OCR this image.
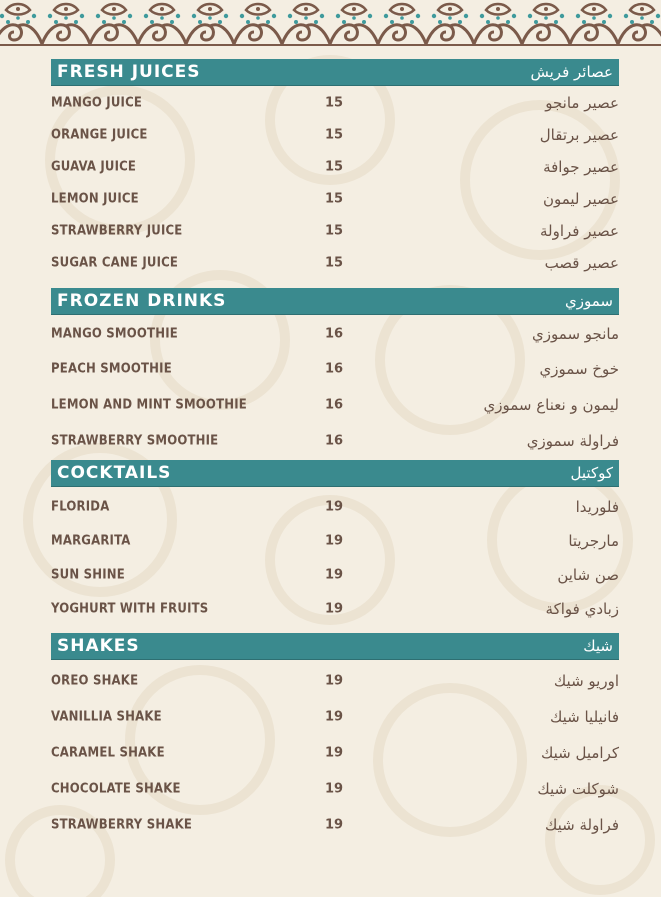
FRESH JUICES	عصائر فريش
MANGO JUICE	15	عصير مانجو
ORANGE JUICE	15	عصير برتقال
GUAVA JUICE	15	عصير جوافة
LEMON JUICE	15	عصير ليمون
STRAWBERRY JUICE	15	عصير فراولة
SUGAR CANE JUICE	15	عصير قصب
FROZEN DRINKS	سموزي
MANGO SMOOTHIE	16	مانجو سموزي
PEACH SMOOTHIE	16	خوخ سموزي
LEMON AND MINT SMOOTHIE	16	ليمون و نعناع سموزي
STRAWBERRY SMOOTHIE	16	فراولة سموزي
COCKTAILS	كوكتيل
FLORIDA	19	فلوريدا
MARGARITA	19	مارجريتا
SUN SHINE	19	صن شاين
YOGHURT WITH FRUITS	19	زبادي فواكة
SHAKES	شيك
OREO SHAKE	19	اوريو شيك
VANILLIA SHAKE	19	فانيليا شيك
CARAMEL SHAKE	19	كراميل شيك
CHOCOLATE SHAKE	19	شوكلت شيك
STRAWBERRY SHAKE	19	فراولة شيك
